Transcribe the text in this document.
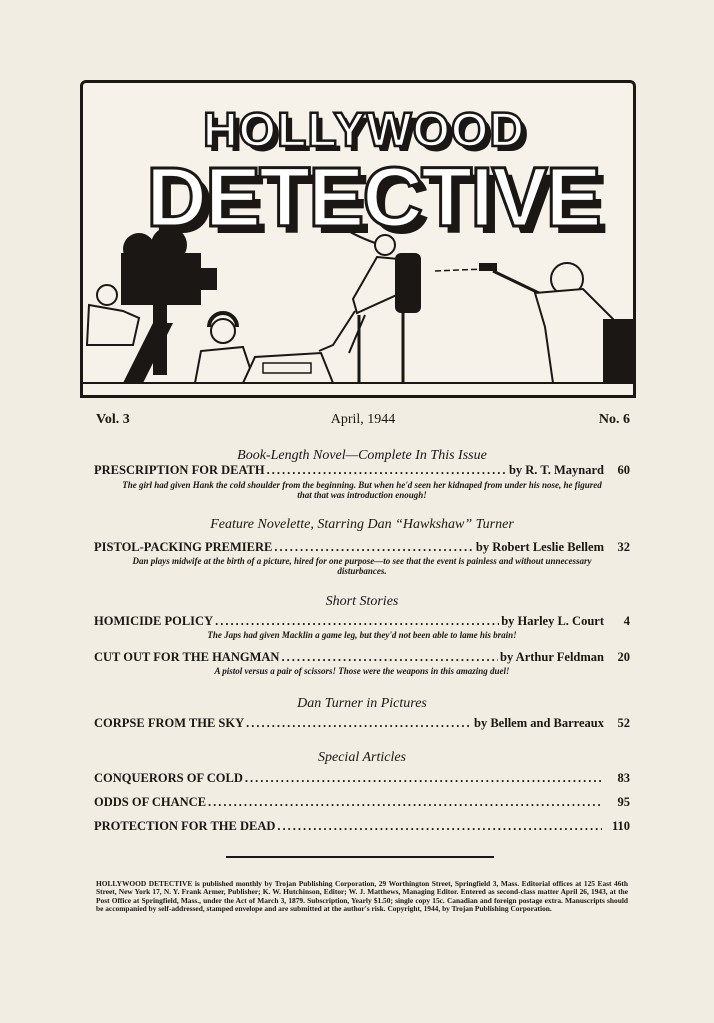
HOLLYWOOD
DETECTIVE
April, 1944
Vol. 3	No. 6
Book-Length Novel—Complete In This Issue
PRESCRIPTION FOR DEATH .....	by R. T. Maynard	60
The girl had given Hank the cold shoulder from the beginning. But when he'd seen her kidnaped from under his nose, he figured that that was introduction enough!
Feature Novelette, Starring Dan “Hawkshaw” Turner
PISTOL-PACKING PREMIERE .....	by Robert Leslie Bellem	32
Dan plays midwife at the birth of a picture, hired for one purpose—to see that the event is painless and without unnecessary disturbances.
Short Stories
HOMICIDE POLICY .....	by Harley L. Court	4
The Japs had given Macklin a game leg, but they'd not been able to lame his brain!
CUT OUT FOR THE HANGMAN .....	by Arthur Feldman	20
A pistol versus a pair of scissors! Those were the weapons in this amazing duel!
Dan Turner in Pictures
CORPSE FROM THE SKY .....	by Bellem and Barreaux	52
Special Articles
CONQUERORS OF COLD .....	83
ODDS OF CHANCE .....	95
PROTECTION FOR THE DEAD .....	110
HOLLYWOOD DETECTIVE is published monthly by Trojan Publishing Corporation, 29 Worthington Street, Springfield 3, Mass. Editorial offices at 125 East 46th Street, New York 17, N. Y. Frank Armer, Publisher; K. W. Hutchinson, Editor; W. J. Matthews, Managing Editor. Entered as second-class matter April 26, 1943, at the Post Office at Springfield, Mass., under the Act of March 3, 1879. Subscription, Yearly $1.50; single copy 15c. Canadian and foreign postage extra. Manuscripts should be accompanied by self-addressed, stamped envelope and are submitted at the author's risk. Copyright, 1944, by Trojan Publishing Corporation.
